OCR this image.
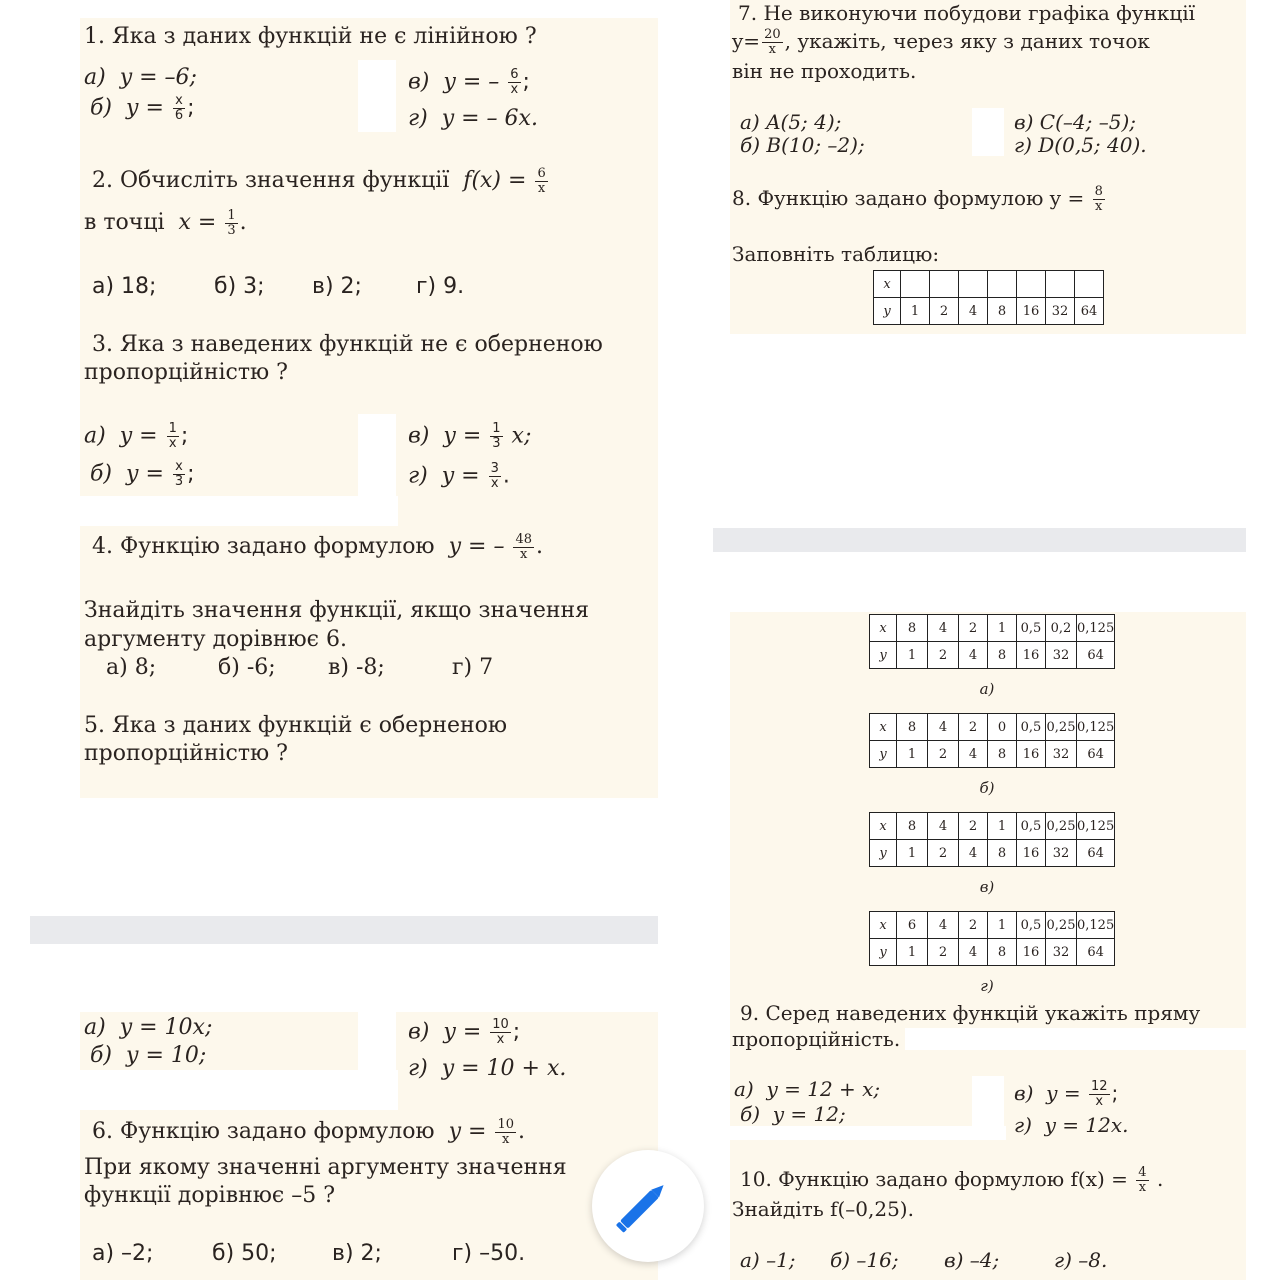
1. Яка з даних функцій не є лінійною ?
а) y = –6;
б) $y = \frac{x}{6}$ ;
в) y = – $\frac{6}{x}$ ;
г) y = – 6x.
2. Обчисліть значення функції $f(x) = \frac{6}{x}$
в точці $x = \frac{1}{3}$ .
а) 18;	б) 3; в) 2; г) 9.
3. Яка з наведених функцій не є оберненою
пропорційністю ?
а) $y = \frac{1}{x}$ ;
б) $y = \frac{x}{3}$ ;
в) $y = \frac{1}{3} x$;
г) $y = \frac{3}{x}$ .
4. Функцію задано формулою y = – $\frac{48}{x}$ .
Знайдіть значення функції, якщо значення
аргументу дорівнює 6.
а) 8;	б) -6; в) -8;	г) 7
5. Яка з даних функцій є оберненою
пропорційністю ?
а) y = 10x;
б) y = 10;
в) $y = \frac{10}{x}$ ;
г) y = 10 + x.
6. Функцію задано формулою $y = \frac{10}{x}$ .
При якому значенні аргументу значення
функції дорівнює –5 ?
а) –2;	б) 50;	в) 2;	г) –50.
7. Не виконуючи побудови графіка функції
$y= \frac{20}{x}$ , укажіть, через яку з даних точок
він не проходить.
а) A(5; 4);
б) B(10; –2);
в) C(–4; –5);
г) D(0,5; 40).
8. Функцію задано формулою $y = \frac{8}{x}$
Заповніть таблицю:
x							
y	1	2	4	8	16	32	64
x	8	4	2	1	0,5	0,2	0,125
y	1	2	4	8	16	32	64
а)
x	8	4	2	0	0,5	0,25	0,125
y	1	2	4	8	16	32	64
б)
x	8	4	2	1	0,5	0,25	0,125
y	1	2	4	8	16	32	64
в)
x	6	4	2	1	0,5	0,25	0,125
y	1	2	4	8	16	32	64
г)
9. Серед наведених функцій укажіть пряму
пропорційність.
а) y = 12 + x;
б) y = 12;
в) $y = \frac{12}{x}$ ;
г) y = 12x.
10. Функцію задано формулою $f(x) = \frac{4}{x}$ .
Знайдіть f(–0,25).
а) –1; б) –16; в) –4;	г) –8.
